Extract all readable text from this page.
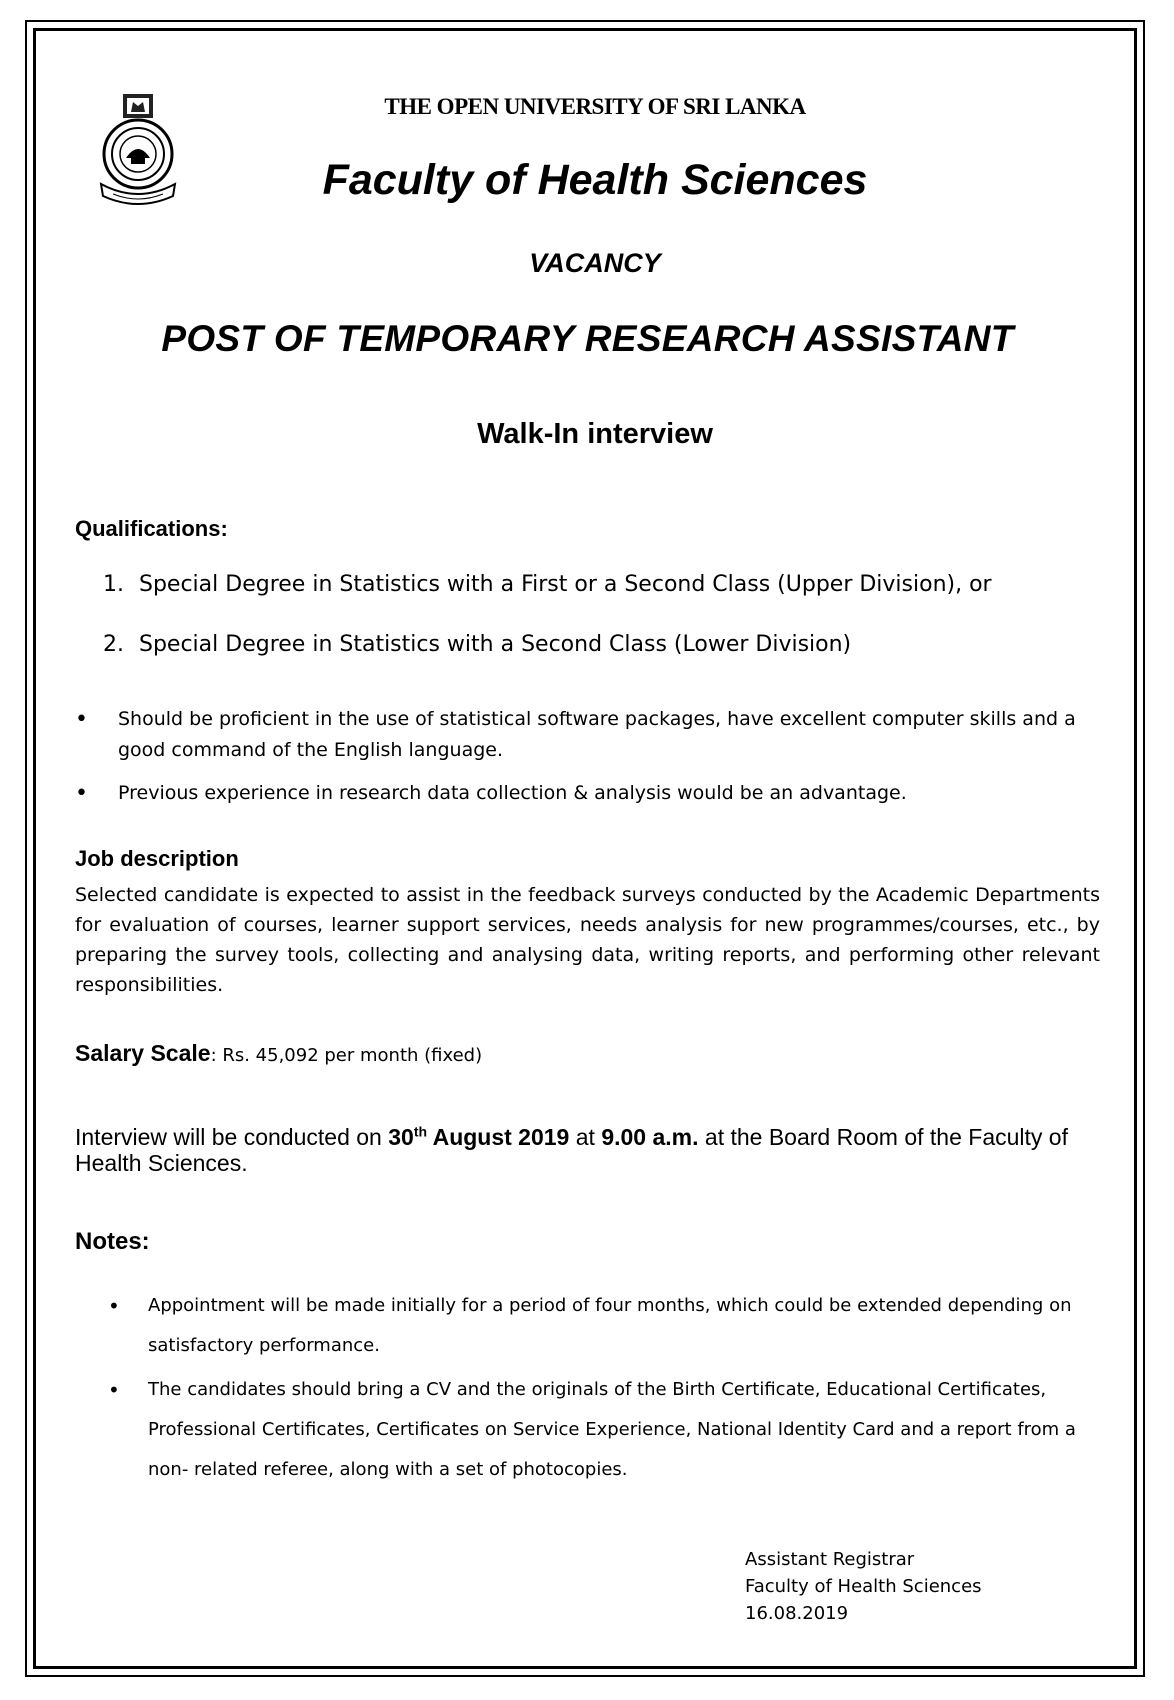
THE OPEN UNIVERSITY OF SRI LANKA
Faculty of Health Sciences
VACANCY
POST OF TEMPORARY RESEARCH ASSISTANT
Walk-In interview
Qualifications:
1. Special Degree in Statistics with a First or a Second Class (Upper Division), or
2. Special Degree in Statistics with a Second Class (Lower Division)
•	Should be proficient in the use of statistical software packages, have excellent computer skills and a good command of the English language.
•	Previous experience in research data collection & analysis would be an advantage.
Job description
Selected candidate is expected to assist in the feedback surveys conducted by the Academic Departments for evaluation of courses, learner support services, needs analysis for new programmes/courses, etc., by preparing the survey tools, collecting and analysing data, writing reports, and performing other relevant responsibilities.
Salary Scale: Rs. 45,092 per month (fixed)
Interview will be conducted on 30th August 2019 at 9.00 a.m. at the Board Room of the Faculty of Health Sciences.
Notes:
•	Appointment will be made initially for a period of four months, which could be extended depending on satisfactory performance.
•	The candidates should bring a CV and the originals of the Birth Certificate, Educational Certificates, Professional Certificates, Certificates on Service Experience, National Identity Card and a report from a non- related referee, along with a set of photocopies.
Assistant Registrar
Faculty of Health Sciences
16.08.2019
